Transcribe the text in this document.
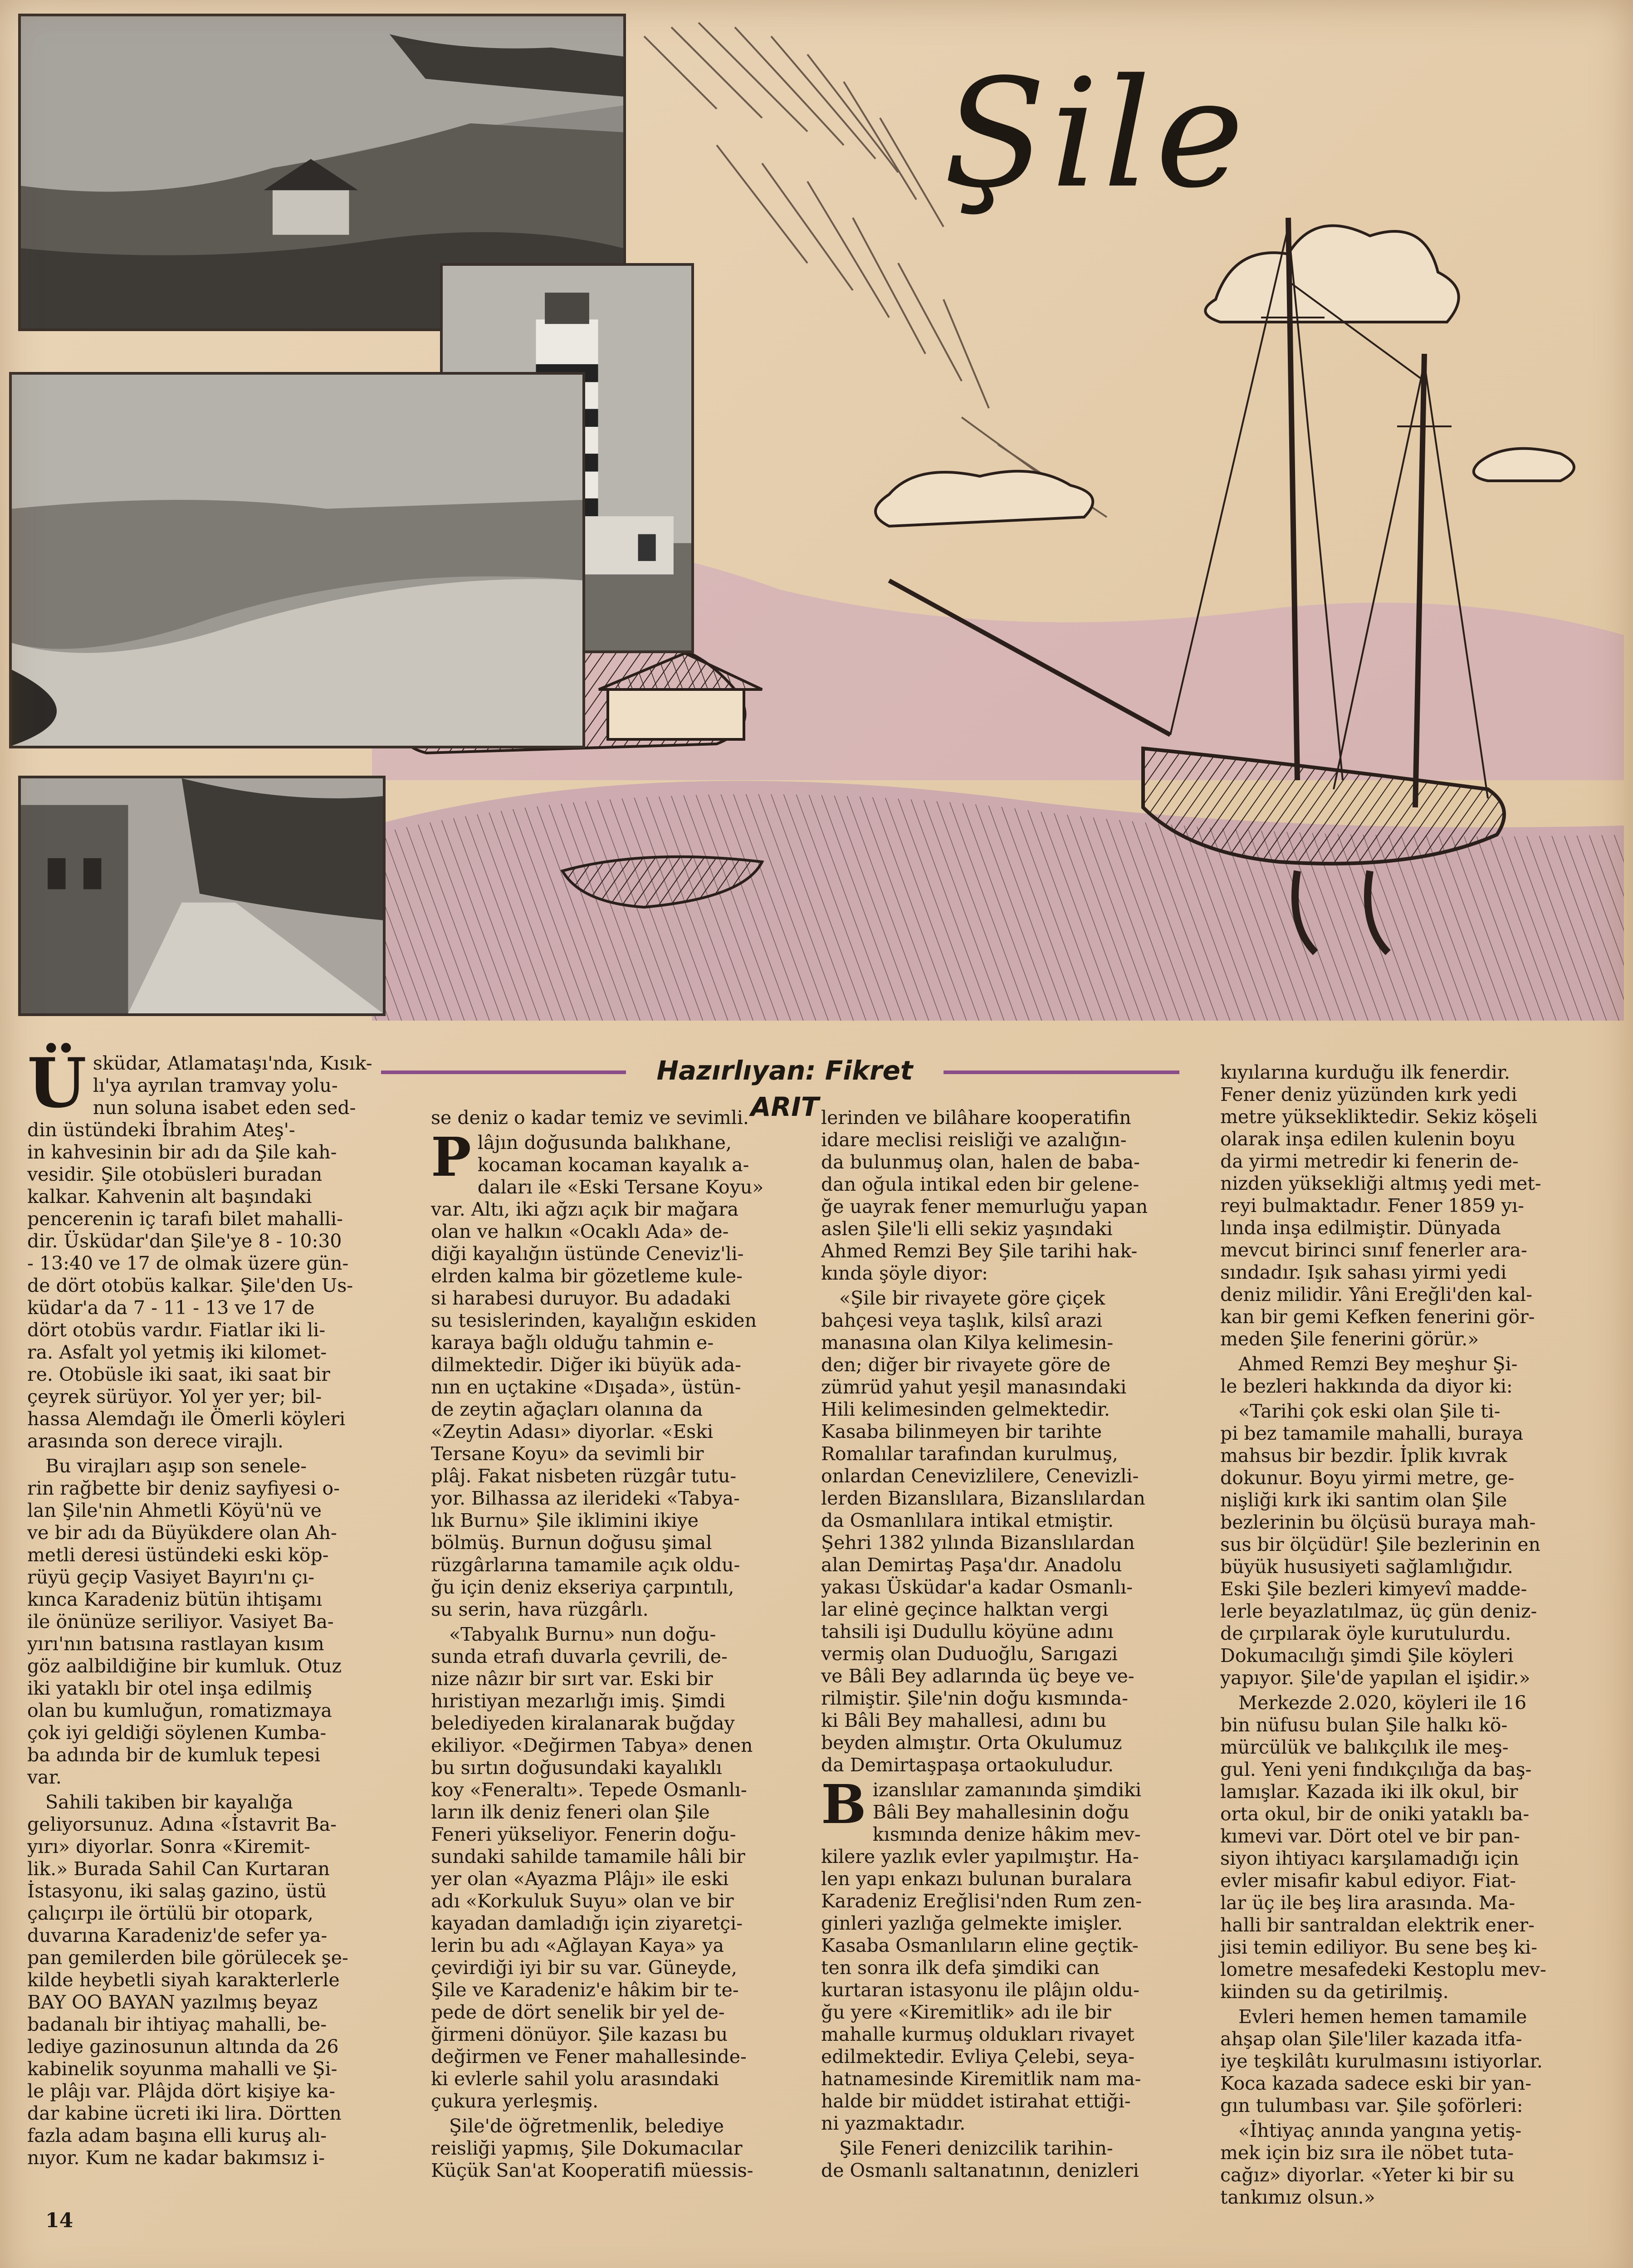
Şile
Hazırlıyan: Fikret ARIT

Üsküdar, Atlamataşı'nda, Kısık-
lı'ya ayrılan tramvay yolu-
nun soluna isabet eden sed-
din üstündeki İbrahim Ateş'-
in kahvesinin bir adı da Şile kah-
vesidir. Şile otobüsleri buradan
kalkar. Kahvenin alt başındaki
pencerenin iç tarafı bilet mahalli-
dir. Üsküdar'dan Şile'ye 8 - 10:30
- 13:40 ve 17 de olmak üzere gün-
de dört otobüs kalkar. Şile'den Us-
küdar'a da 7 - 11 - 13 ve 17 de
dört otobüs vardır. Fiatlar iki li-
ra. Asfalt yol yetmiş iki kilomet-
re. Otobüsle iki saat, iki saat bir
çeyrek sürüyor. Yol yer yer; bil-
hassa Alemdağı ile Ömerli köyleri
arasında son derece virajlı.

Bu virajları aşıp son senele-
rin rağbette bir deniz sayfiyesi o-
lan Şile'nin Ahmetli Köyü'nü ve
ve bir adı da Büyükdere olan Ah-
metli deresi üstündeki eski köp-
rüyü geçip Vasiyet Bayırı'nı çı-
kınca Karadeniz bütün ihtişamı
ile önünüze seriliyor. Vasiyet Ba-
yırı'nın batısına rastlayan kısım
göz aalbildiğine bir kumluk. Otuz
iki yataklı bir otel inşa edilmiş
olan bu kumluğun, romatizmaya
çok iyi geldiği söylenen Kumba-
ba adında bir de kumluk tepesi
var.

Sahili takiben bir kayalığa
geliyorsunuz. Adına «İstavrit Ba-
yırı» diyorlar. Sonra «Kiremit-
lik.» Burada Sahil Can Kurtaran
İstasyonu, iki salaş gazino, üstü
çalıçırpı ile örtülü bir otopark,
duvarına Karadeniz'de sefer ya-
pan gemilerden bile görülecek şe-
kilde heybetli siyah karakterlerle
BAY OO BAYAN yazılmış beyaz
badanalı bir ihtiyaç mahalli, be-
lediye gazinosunun altında da 26
kabinelik soyunma mahalli ve Şi-
le plâjı var. Plâjda dört kişiye ka-
dar kabine ücreti iki lira. Dörtten
fazla adam başına elli kuruş alı-
nıyor. Kum ne kadar bakımsız i-

se deniz o kadar temiz ve sevimli.

Plâjın doğusunda balıkhane,
kocaman kocaman kayalık a-
daları ile «Eski Tersane Koyu»
var. Altı, iki ağzı açık bir mağara
olan ve halkın «Ocaklı Ada» de-
diği kayalığın üstünde Ceneviz'li-
elrden kalma bir gözetleme kule-
si harabesi duruyor. Bu adadaki
su tesislerinden, kayalığın eskiden
karaya bağlı olduğu tahmin e-
dilmektedir. Diğer iki büyük ada-
nın en uçtakine «Dışada», üstün-
de zeytin ağaçları olanına da
«Zeytin Adası» diyorlar. «Eski
Tersane Koyu» da sevimli bir
plâj. Fakat nisbeten rüzgâr tutu-
yor. Bilhassa az ilerideki «Tabya-
lık Burnu» Şile iklimini ikiye
bölmüş. Burnun doğusu şimal
rüzgârlarına tamamile açık oldu-
ğu için deniz ekseriya çarpıntılı,
su serin, hava rüzgârlı.

«Tabyalık Burnu» nun doğu-
sunda etrafı duvarla çevrili, de-
nize nâzır bir sırt var. Eski bir
hıristiyan mezarlığı imiş. Şimdi
belediyeden kiralanarak buğday
ekiliyor. «Değirmen Tabya» denen
bu sırtın doğusundaki kayalıklı
koy «Feneraltı». Tepede Osmanlı-
ların ilk deniz feneri olan Şile
Feneri yükseliyor. Fenerin doğu-
sundaki sahilde tamamile hâli bir
yer olan «Ayazma Plâjı» ile eski
adı «Korkuluk Suyu» olan ve bir
kayadan damladığı için ziyaretçi-
lerin bu adı «Ağlayan Kaya» ya
çevirdiği iyi bir su var. Güneyde,
Şile ve Karadeniz'e hâkim bir te-
pede de dört senelik bir yel de-
ğirmeni dönüyor. Şile kazası bu
değirmen ve Fener mahallesinde-
ki evlerle sahil yolu arasındaki
çukura yerleşmiş.

Şile'de öğretmenlik, belediye
reisliği yapmış, Şile Dokumacılar
Küçük San'at Kooperatifi müessis-

lerinden ve bilâhare kooperatifin
idare meclisi reisliği ve azalığın-
da bulunmuş olan, halen de baba-
dan oğula intikal eden bir gelene-
ğe uayrak fener memurluğu yapan
aslen Şile'li elli sekiz yaşındaki
Ahmed Remzi Bey Şile tarihi hak-
kında şöyle diyor:

«Şile bir rivayete göre çiçek
bahçesi veya taşlık, kilsî arazi
manasına olan Kilya kelimesin-
den; diğer bir rivayete göre de
zümrüd yahut yeşil manasındaki
Hili kelimesinden gelmektedir.
Kasaba bilinmeyen bir tarihte
Romalılar tarafından kurulmuş,
onlardan Cenevizlilere, Cenevizli-
lerden Bizanslılara, Bizanslılardan
da Osmanlılara intikal etmiştir.
Şehri 1382 yılında Bizanslılardan
alan Demirtaş Paşa'dır. Anadolu
yakası Üsküdar'a kadar Osmanlı-
lar elinė geçince halktan vergi
tahsili işi Dudullu köyüne adını
vermiş olan Duduoğlu, Sarıgazi
ve Bâli Bey adlarında üç beye ve-
rilmiştir. Şile'nin doğu kısmında-
ki Bâli Bey mahallesi, adını bu
beyden almıştır. Orta Okulumuz
da Demirtaşpaşa ortaokuludur.

Bizanslılar zamanında şimdiki
Bâli Bey mahallesinin doğu
kısmında denize hâkim mev-
kilere yazlık evler yapılmıştır. Ha-
len yapı enkazı bulunan buralara
Karadeniz Ereğlisi'nden Rum zen-
ginleri yazlığa gelmekte imişler.
Kasaba Osmanlıların eline geçtik-
ten sonra ilk defa şimdiki can
kurtaran istasyonu ile plâjın oldu-
ğu yere «Kiremitlik» adı ile bir
mahalle kurmuş oldukları rivayet
edilmektedir. Evliya Çelebi, seya-
hatnamesinde Kiremitlik nam ma-
halde bir müddet istirahat ettiği-
ni yazmaktadır.

Şile Feneri denizcilik tarihin-
de Osmanlı saltanatının, denizleri

kıyılarına kurduğu ilk fenerdir.
Fener deniz yüzünden kırk yedi
metre yüksekliktedir. Sekiz köşeli
olarak inşa edilen kulenin boyu
da yirmi metredir ki fenerin de-
nizden yüksekliği altmış yedi met-
reyi bulmaktadır. Fener 1859 yı-
lında inşa edilmiştir. Dünyada
mevcut birinci sınıf fenerler ara-
sındadır. Işık sahası yirmi yedi
deniz milidir. Yâni Ereğli'den kal-
kan bir gemi Kefken fenerini gör-
meden Şile fenerini görür.»

Ahmed Remzi Bey meşhur Şi-
le bezleri hakkında da diyor ki:

«Tarihi çok eski olan Şile ti-
pi bez tamamile mahalli, buraya
mahsus bir bezdir. İplik kıvrak
dokunur. Boyu yirmi metre, ge-
nişliği kırk iki santim olan Şile
bezlerinin bu ölçüsü buraya mah-
sus bir ölçüdür! Şile bezlerinin en
büyük hususiyeti sağlamlığıdır.
Eski Şile bezleri kimyevî madde-
lerle beyazlatılmaz, üç gün deniz-
de çırpılarak öyle kurutulurdu.
Dokumacılığı şimdi Şile köyleri
yapıyor. Şile'de yapılan el işidir.»

Merkezde 2.020, köyleri ile 16
bin nüfusu bulan Şile halkı kö-
mürcülük ve balıkçılık ile meş-
gul. Yeni yeni fındıkçılığa da baş-
lamışlar. Kazada iki ilk okul, bir
orta okul, bir de oniki yataklı ba-
kımevi var. Dört otel ve bir pan-
siyon ihtiyacı karşılamadığı için
evler misafir kabul ediyor. Fiat-
lar üç ile beş lira arasında. Ma-
halli bir santraldan elektrik ener-
jisi temin ediliyor. Bu sene beş ki-
lometre mesafedeki Kestoplu mev-
kiinden su da getirilmiş.

Evleri hemen hemen tamamile
ahşap olan Şile'liler kazada itfa-
iye teşkilâtı kurulmasını istiyorlar.
Koca kazada sadece eski bir yan-
gın tulumbası var. Şile şoförleri:

«İhtiyaç anında yangına yetiş-
mek için biz sıra ile nöbet tuta-
cağız» diyorlar. «Yeter ki bir su
tankımız olsun.»

14
